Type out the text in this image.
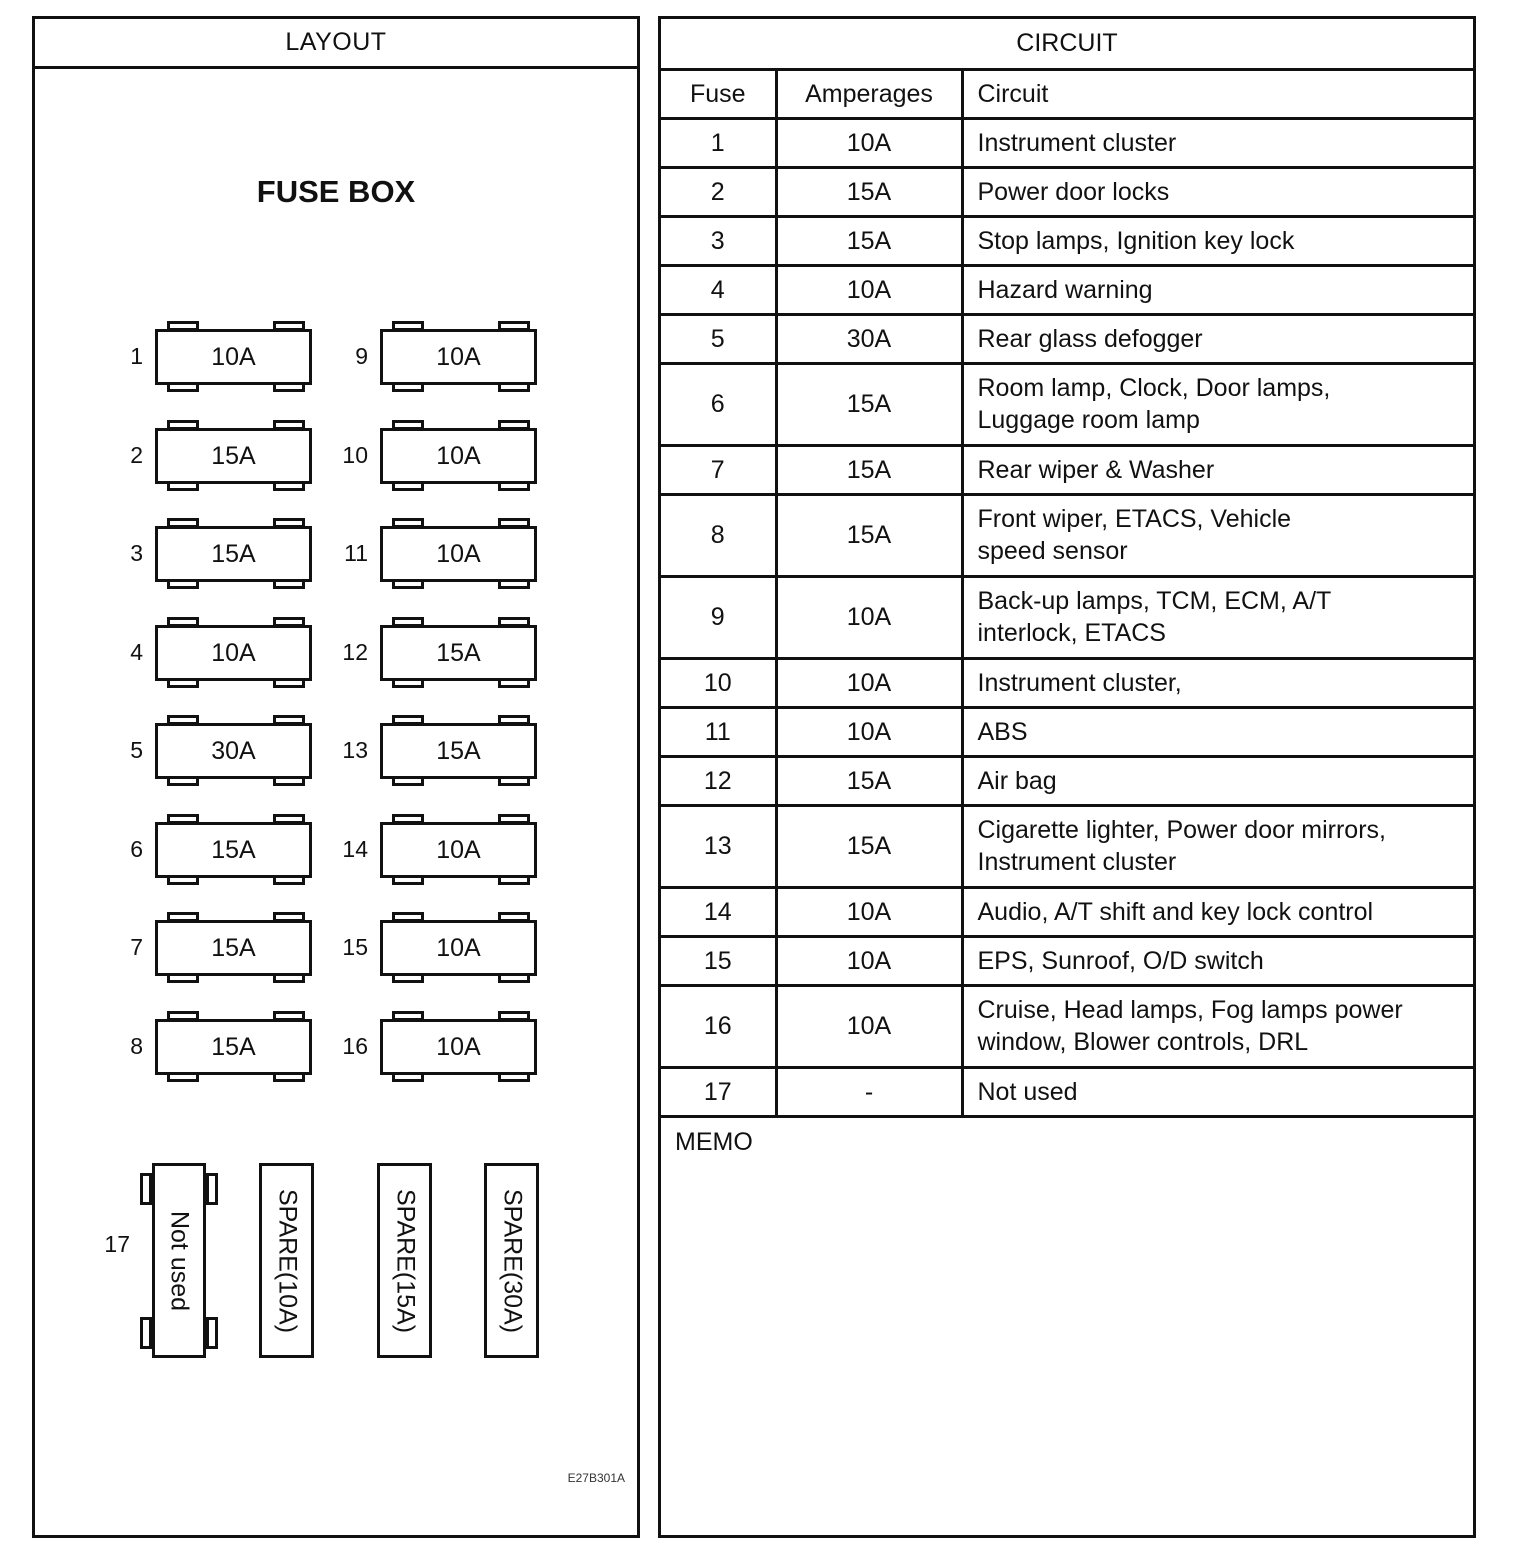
LAYOUT
FUSE BOX
1	10A
2	15A
3	15A
4	10A
5	30A
6	15A
7	15A
8	15A
9	10A
10	10A
11	10A
12	15A
13	15A
14	10A
15	10A
16	10A
17 Not used	SPARE(10A)	SPARE(15A)	SPARE(30A)
E27B301A
CIRCUIT		
Fuse	Amperages	Circuit
1	10A	Instrument cluster

2	15A	Power door locks

3	15A	Stop lamps, Ignition key lock

4	10A	Hazard warning

5	30A	Rear glass defogger

6	15A	Room lamp, Clock, Door lamps,
Luggage room lamp

7	15A	Rear wiper & Washer

8	15A	Front wiper, ETACS, Vehicle
speed sensor

9	10A	Back-up lamps, TCM, ECM, A/T
interlock, ETACS

10	10A	Instrument cluster,

11	10A	ABS

12	15A	Air bag

13	15A	Cigarette lighter, Power door mirrors,
Instrument cluster

14	10A	Audio, A/T shift and key lock control

15	10A	EPS, Sunroof, O/D switch

16	10A	Cruise, Head lamps, Fog lamps power
window, Blower controls, DRL

17	-	Not used
MEMO
